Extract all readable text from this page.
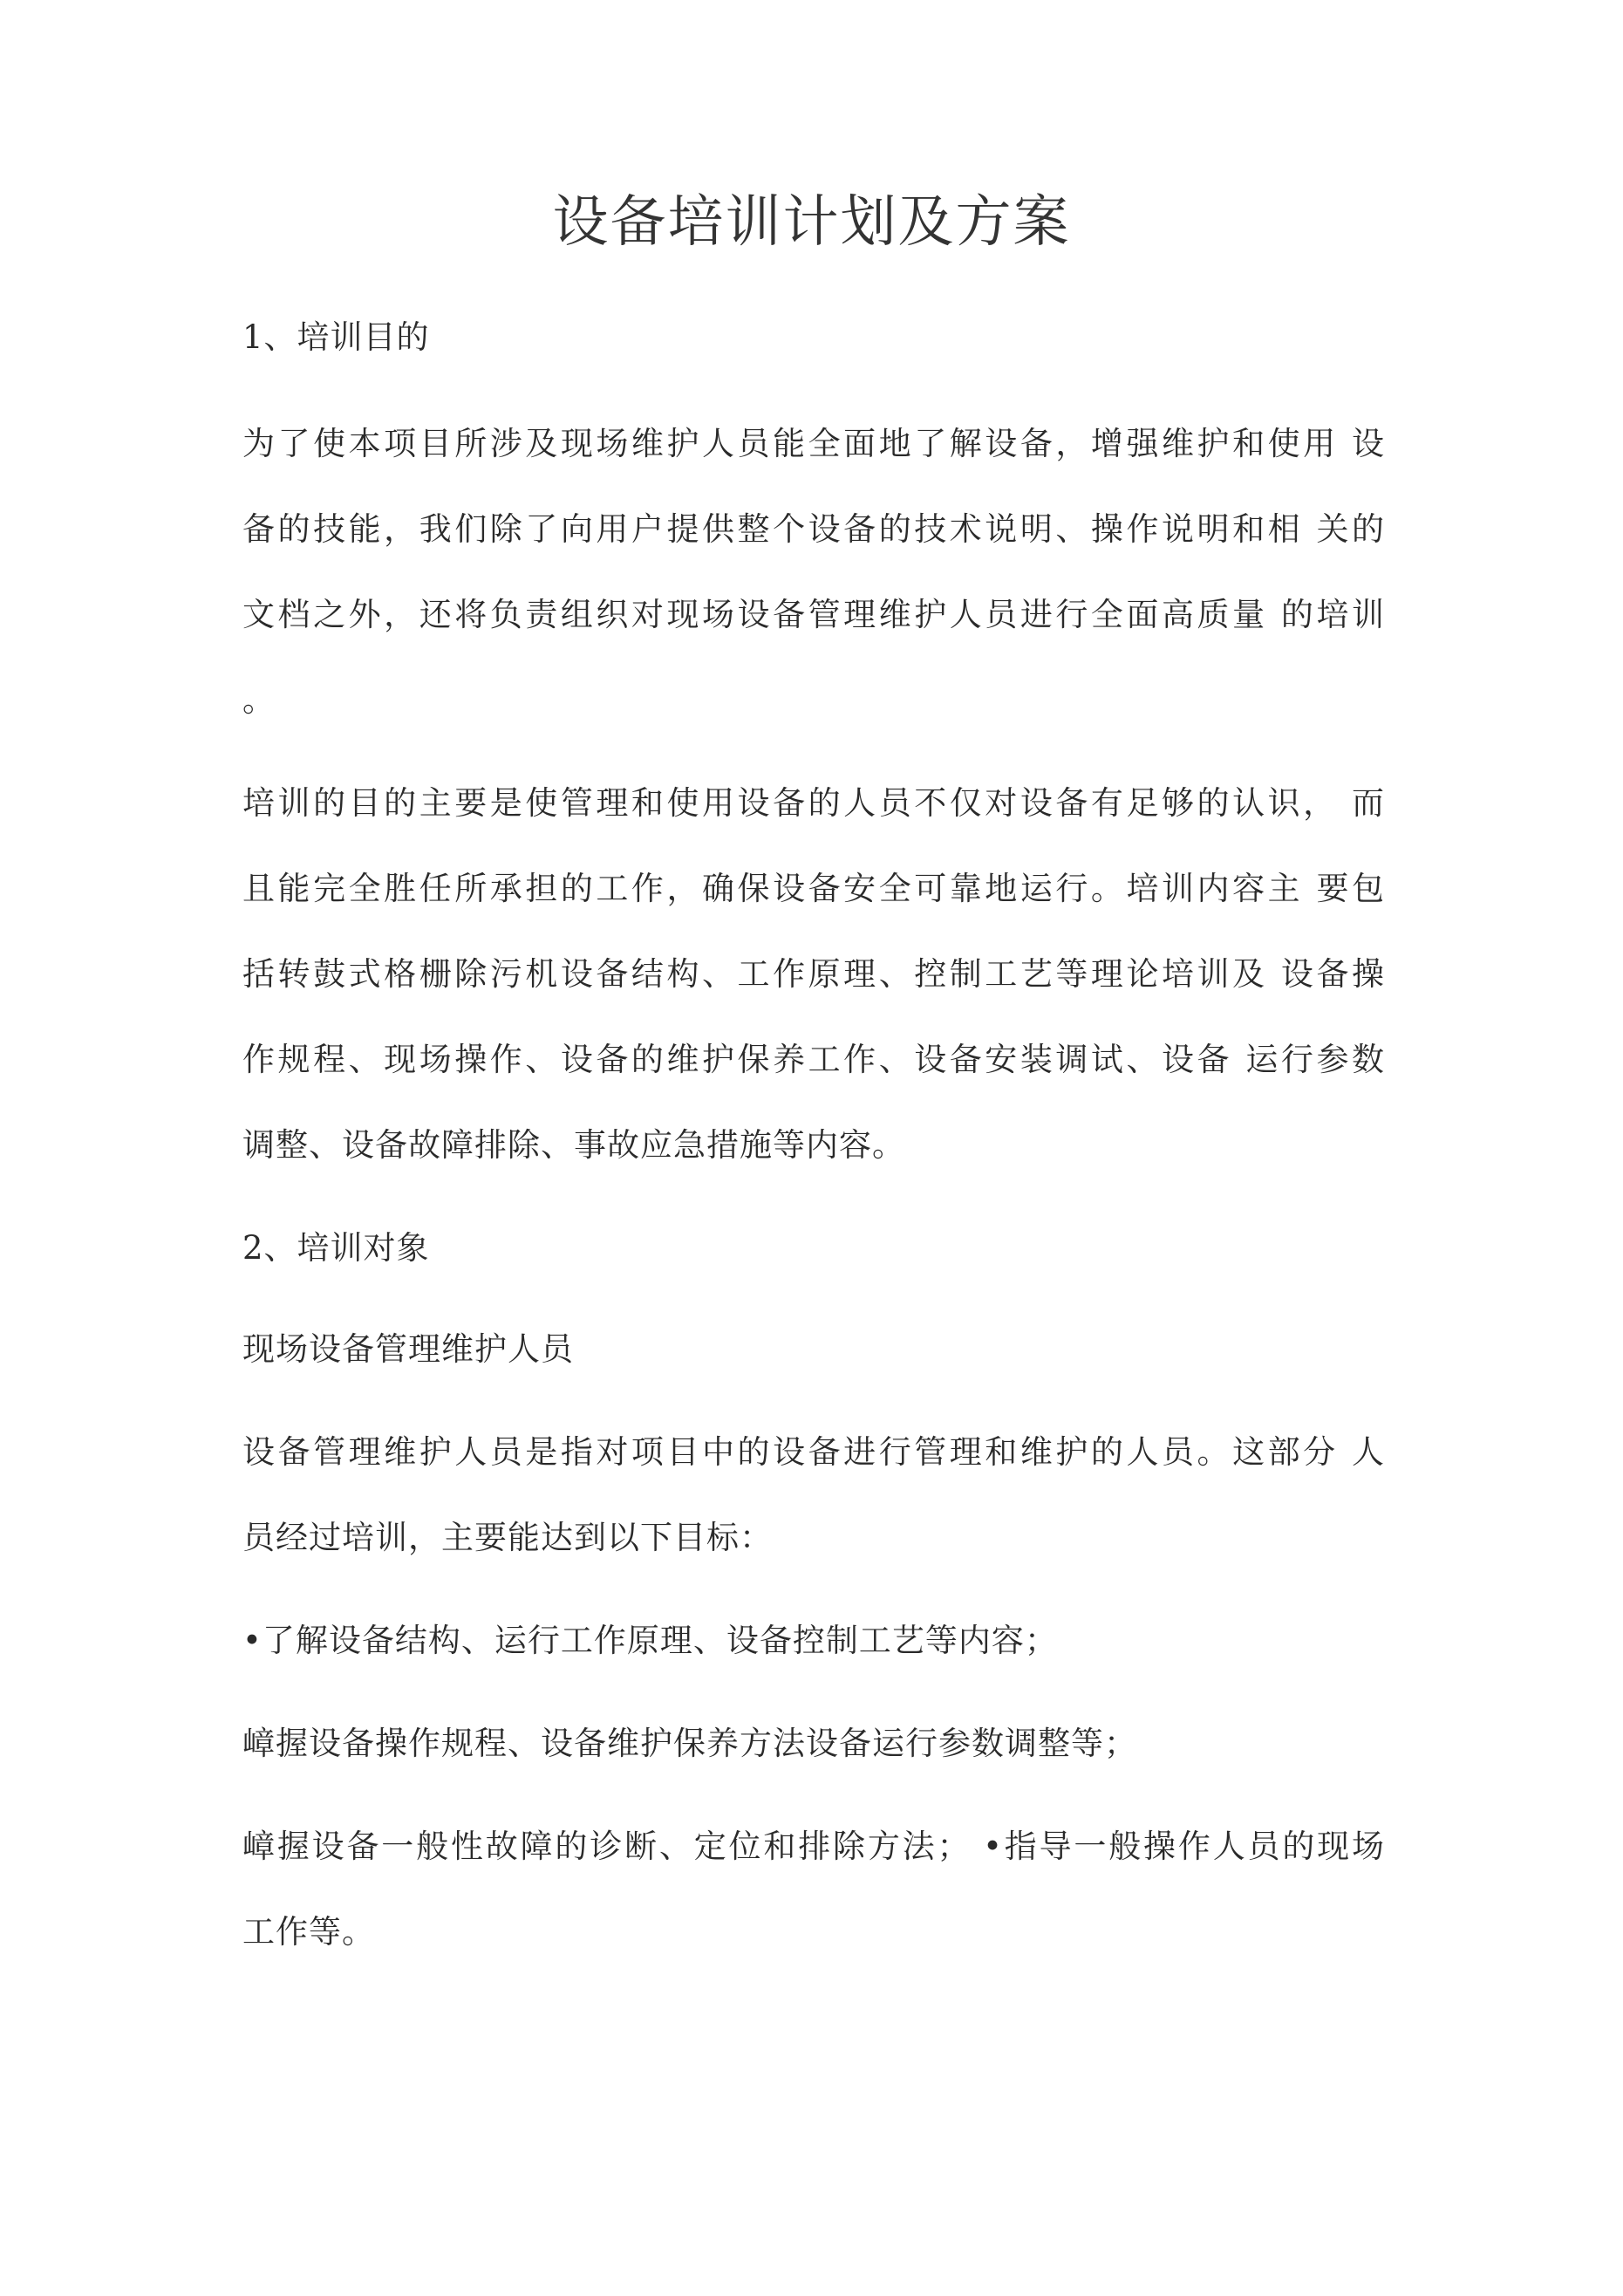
设备培训计划及方案
1、培训目的
为了使本项目所涉及现场维护人员能全面地了解设备，增强维护和使用 设
备的技能，我们除了向用户提供整个设备的技术说明、操作说明和相 关的
文档之外，还将负责组织对现场设备管理维护人员进行全面高质量 的培训
。
培训的目的主要是使管理和使用设备的人员不仅对设备有足够的认识， 而
且能完全胜任所承担的工作，确保设备安全可靠地运行。培训内容主 要包
括转鼓式格栅除污机设备结构、工作原理、控制工艺等理论培训及 设备操
作规程、现场操作、设备的维护保养工作、设备安装调试、设备 运行参数
调整、设备故障排除、事故应急措施等内容。
2、培训对象
现场设备管理维护人员
设备管理维护人员是指对项目中的设备进行管理和维护的人员。这部分 人
员经过培训，主要能达到以下目标：
•了解设备结构、运行工作原理、设备控制工艺等内容；
嶂握设备操作规程、设备维护保养方法设备运行参数调整等；
嶂握设备一般性故障的诊断、定位和排除方法； •指导一般操作人员的现场
工作等。
